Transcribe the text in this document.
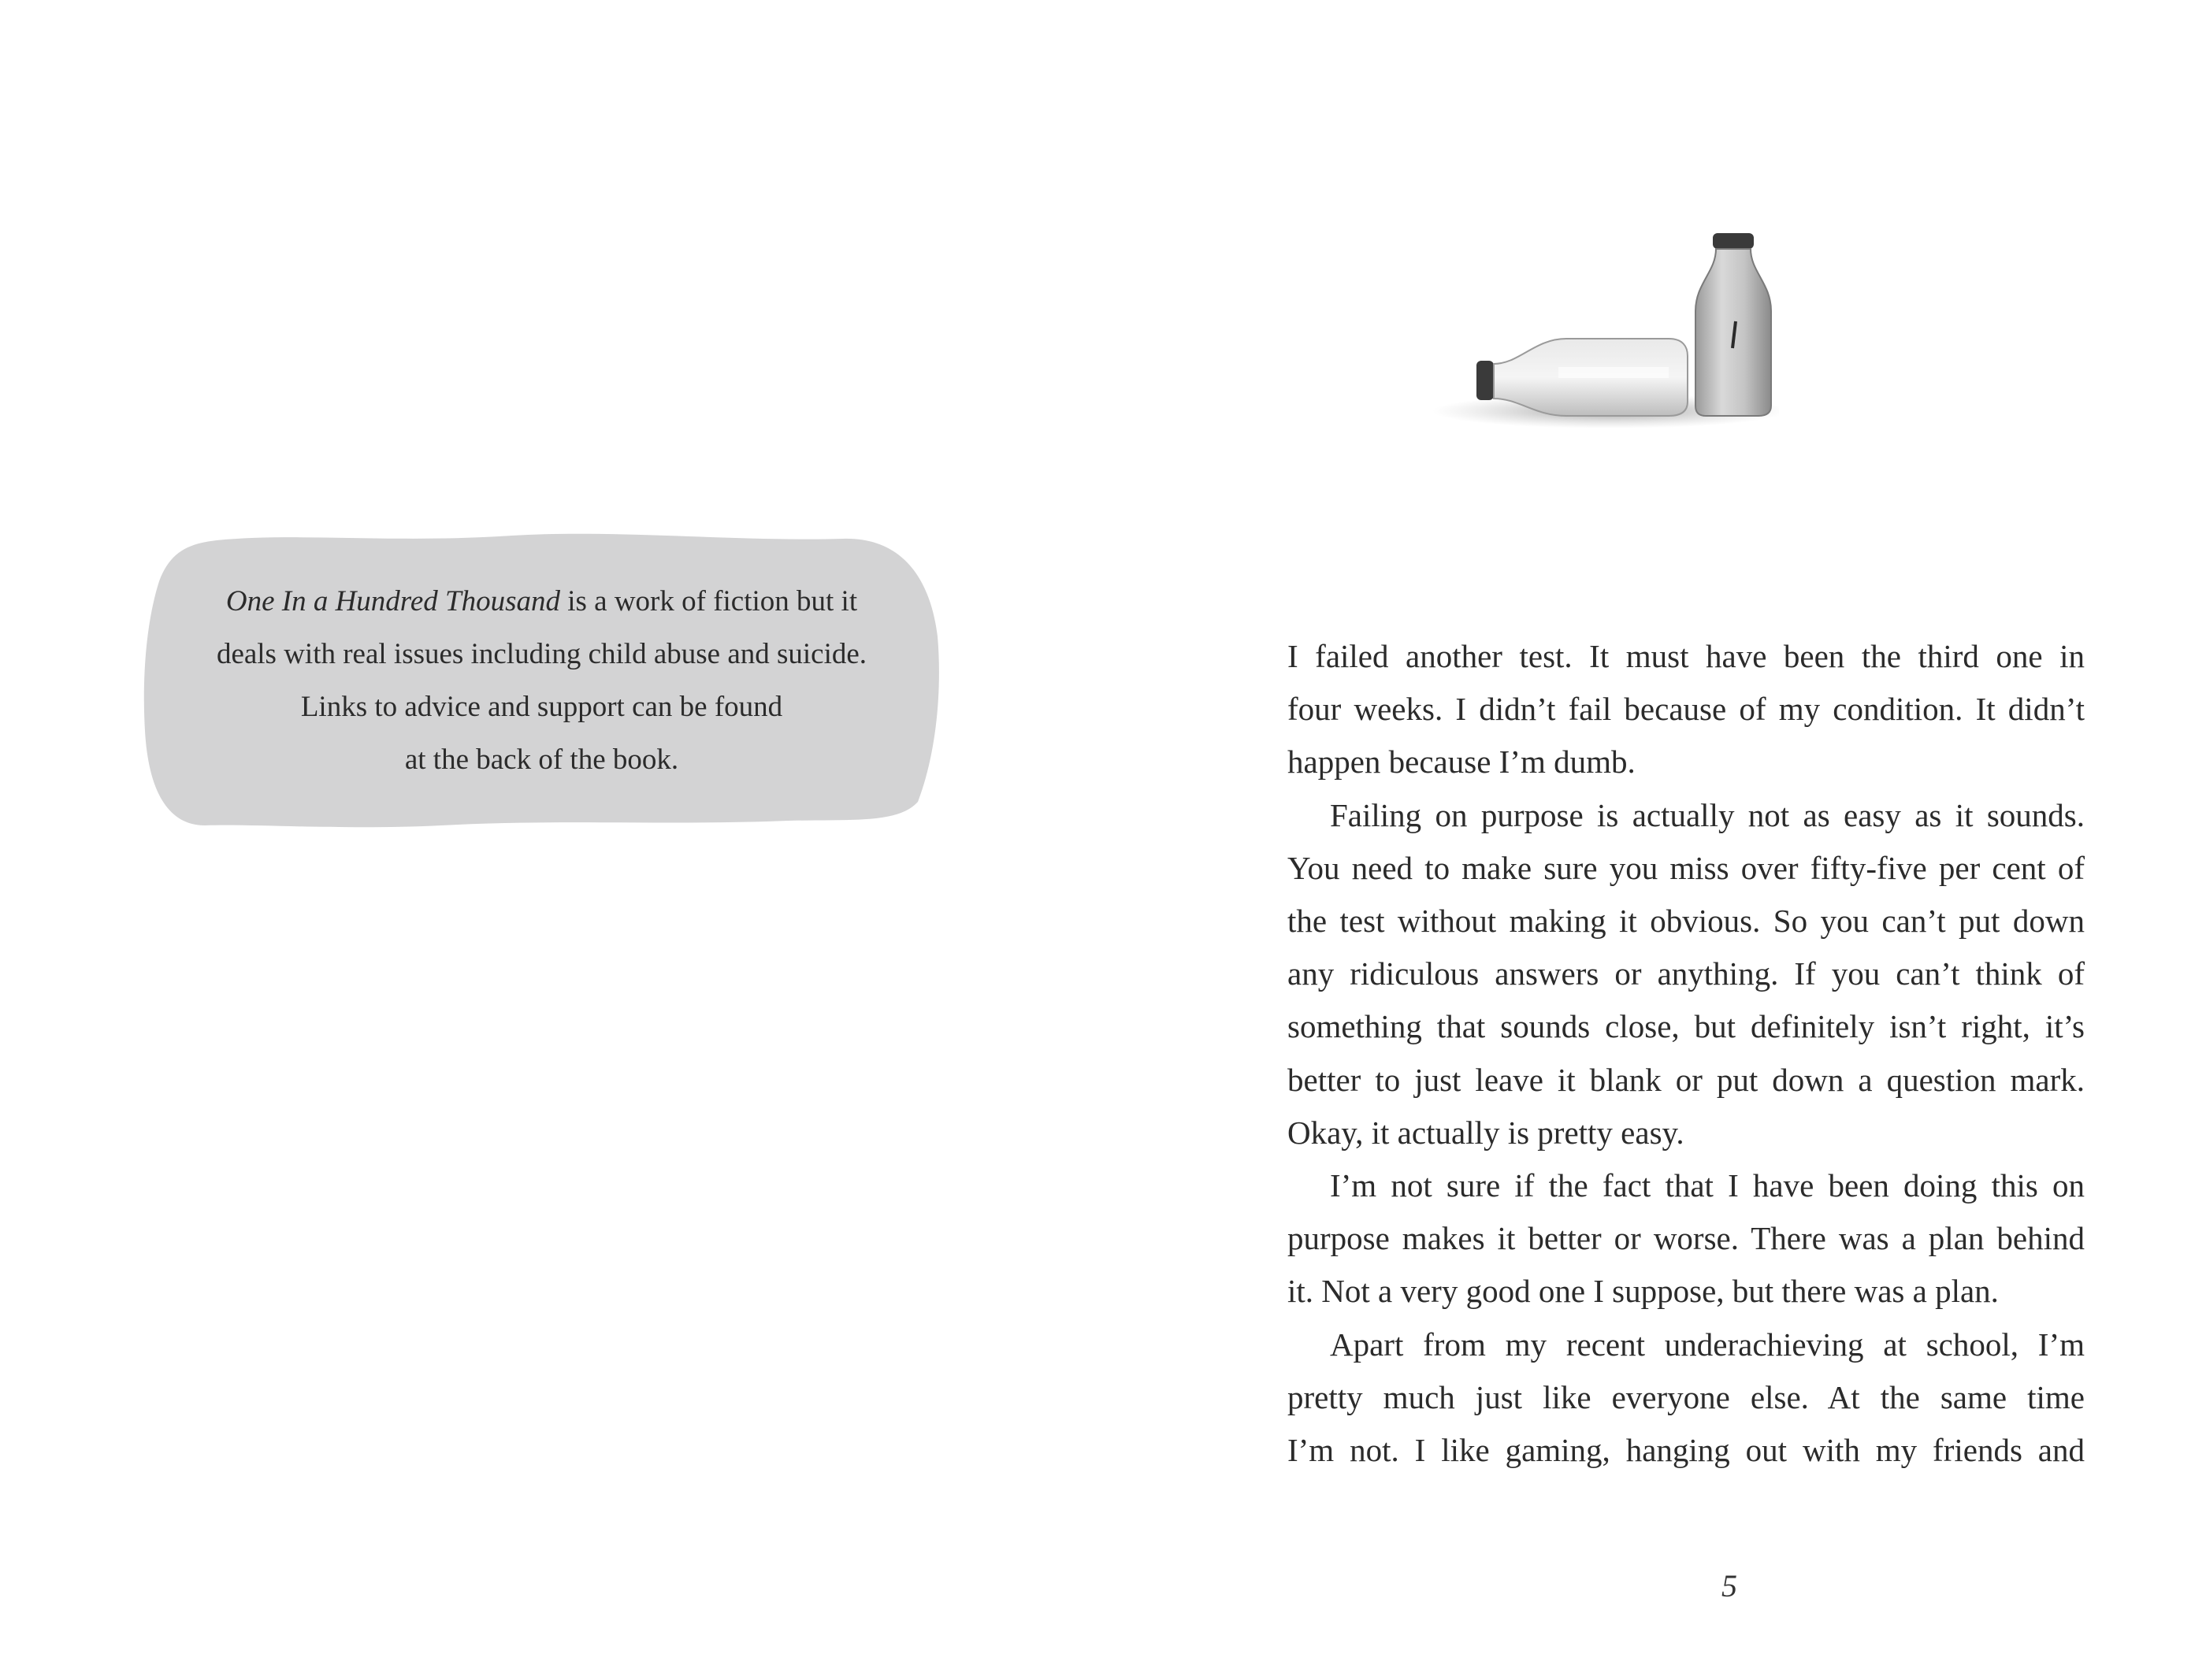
One In a Hundred Thousand is a work of fiction but it
deals with real issues including child abuse and suicide.
Links to advice and support can be found
at the back of the book.

I failed another test. It must have been the third one in
four weeks. I didn’t fail because of my condition. It didn’t
happen because I’m dumb.

Failing on purpose is actually not as easy as it sounds.
You need to make sure you miss over fifty-five per cent of
the test without making it obvious. So you can’t put down
any ridiculous answers or anything. If you can’t think of
something that sounds close, but definitely isn’t right, it’s
better to just leave it blank or put down a question mark.
Okay, it actually is pretty easy.

I’m not sure if the fact that I have been doing this on
purpose makes it better or worse. There was a plan behind
it. Not a very good one I suppose, but there was a plan.

Apart from my recent underachieving at school, I’m
pretty much just like everyone else. At the same time
I’m not. I like gaming, hanging out with my friends and

5
